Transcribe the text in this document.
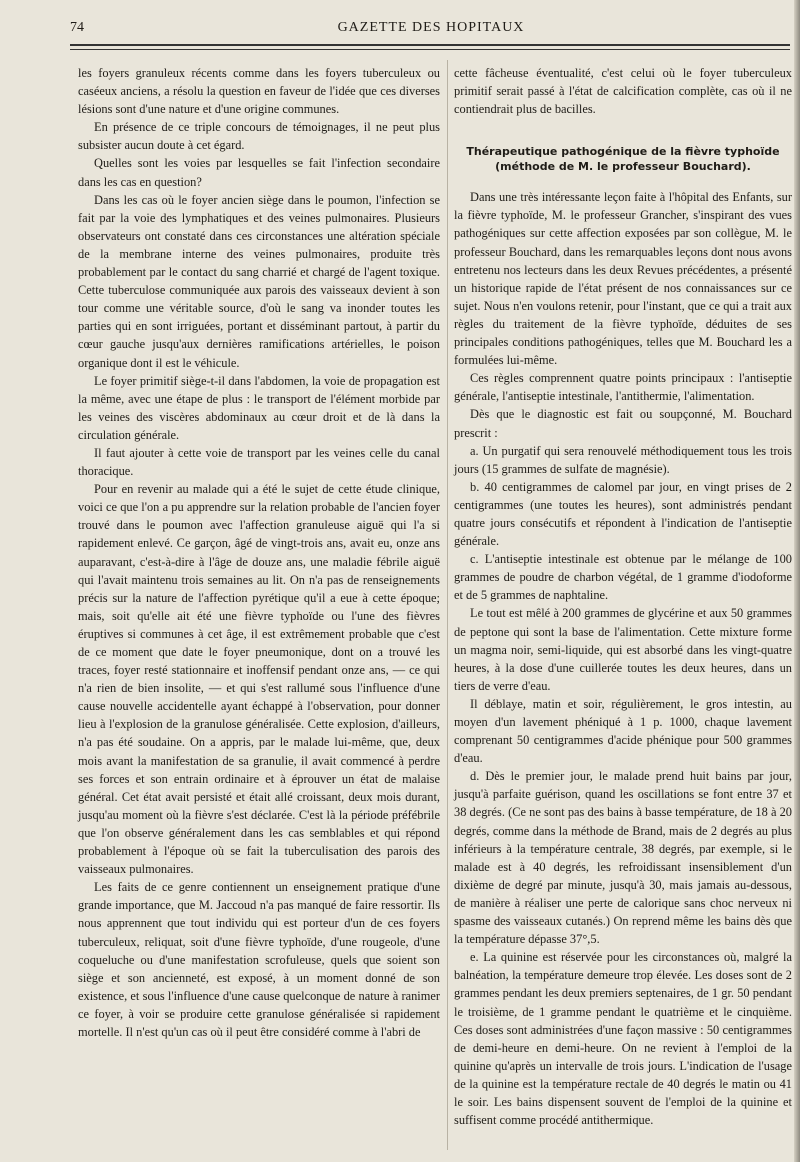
74	GAZETTE DES HOPITAUX

les foyers granuleux récents comme dans les foyers tuberculeux ou caséeux anciens, a résolu la question en faveur de l'idée que ces diverses lésions sont d'une nature et d'une origine communes.

En présence de ce triple concours de témoignages, il ne peut plus subsister aucun doute à cet égard.

Quelles sont les voies par lesquelles se fait l'infection secondaire dans les cas en question?

Dans les cas où le foyer ancien siège dans le poumon, l'infection se fait par la voie des lymphatiques et des veines pulmonaires. Plusieurs observateurs ont constaté dans ces circonstances une altération spéciale de la membrane interne des veines pulmonaires, produite très probablement par le contact du sang charrié et chargé de l'agent toxique. Cette tuberculose communiquée aux parois des vaisseaux devient à son tour comme une véritable source, d'où le sang va inonder toutes les parties qui en sont irriguées, portant et disséminant partout, à partir du cœur gauche jusqu'aux dernières ramifications artérielles, le poison organique dont il est le véhicule.

Le foyer primitif siège-t-il dans l'abdomen, la voie de propagation est la même, avec une étape de plus : le transport de l'élément morbide par les veines des viscères abdominaux au cœur droit et de là dans la circulation générale.

Il faut ajouter à cette voie de transport par les veines celle du canal thoracique.

Pour en revenir au malade qui a été le sujet de cette étude clinique, voici ce que l'on a pu apprendre sur la relation probable de l'ancien foyer trouvé dans le poumon avec l'affection granuleuse aiguë qui l'a si rapidement enlevé. Ce garçon, âgé de vingt-trois ans, avait eu, onze ans auparavant, c'est-à-dire à l'âge de douze ans, une maladie fébrile aiguë qui l'avait maintenu trois semaines au lit. On n'a pas de renseignements précis sur la nature de l'affection pyrétique qu'il a eue à cette époque; mais, soit qu'elle ait été une fièvre typhoïde ou l'une des fièvres éruptives si communes à cet âge, il est extrêmement probable que c'est de ce moment que date le foyer pneumonique, dont on a trouvé les traces, foyer resté stationnaire et inoffensif pendant onze ans, — ce qui n'a rien de bien insolite, — et qui s'est rallumé sous l'influence d'une cause nouvelle accidentelle ayant échappé à l'observation, pour donner lieu à l'explosion de la granulose généralisée. Cette explosion, d'ailleurs, n'a pas été soudaine. On a appris, par le malade lui-même, que, deux mois avant la manifestation de sa granulie, il avait commencé à perdre ses forces et son entrain ordinaire et à éprouver un état de malaise général. Cet état avait persisté et était allé croissant, deux mois durant, jusqu'au moment où la fièvre s'est déclarée. C'est là la période préfébrile que l'on observe généralement dans les cas semblables et qui répond probablement à l'époque où se fait la tuberculisation des parois des vaisseaux pulmonaires.

Les faits de ce genre contiennent un enseignement pratique d'une grande importance, que M. Jaccoud n'a pas manqué de faire ressortir. Ils nous apprennent que tout individu qui est porteur d'un de ces foyers tuberculeux, reliquat, soit d'une fièvre typhoïde, d'une rougeole, d'une coqueluche ou d'une manifestation scrofuleuse, quels que soient son siège et son ancienneté, est exposé, à un moment donné de son existence, et sous l'influence d'une cause quelconque de nature à ranimer ce foyer, à voir se produire cette granulose généralisée si rapidement mortelle. Il n'est qu'un cas où il peut être considéré comme à l'abri de

cette fâcheuse éventualité, c'est celui où le foyer tuberculeux primitif serait passé à l'état de calcification complète, cas où il ne contiendrait plus de bacilles.

Thérapeutique pathogénique de la fièvre typhoïde
(méthode de M. le professeur Bouchard).

Dans une très intéressante leçon faite à l'hôpital des Enfants, sur la fièvre typhoïde, M. le professeur Grancher, s'inspirant des vues pathogéniques sur cette affection exposées par son collègue, M. le professeur Bouchard, dans les remarquables leçons dont nous avons entretenu nos lecteurs dans les deux Revues précédentes, a présenté un historique rapide de l'état présent de nos connaissances sur ce sujet. Nous n'en voulons retenir, pour l'instant, que ce qui a trait aux règles du traitement de la fièvre typhoïde, déduites de ses principales conditions pathogéniques, telles que M. Bouchard les a formulées lui-même.

Ces règles comprennent quatre points principaux : l'antiseptie générale, l'antiseptie intestinale, l'antithermie, l'alimentation.

Dès que le diagnostic est fait ou soupçonné, M. Bouchard prescrit :

a. Un purgatif qui sera renouvelé méthodiquement tous les trois jours (15 grammes de sulfate de magnésie).

b. 40 centigrammes de calomel par jour, en vingt prises de 2 centigrammes (une toutes les heures), sont administrés pendant quatre jours consécutifs et répondent à l'indication de l'antiseptie générale.

c. L'antiseptie intestinale est obtenue par le mélange de 100 grammes de poudre de charbon végétal, de 1 gramme d'iodoforme et de 5 grammes de naphtaline.

Le tout est mêlé à 200 grammes de glycérine et aux 50 grammes de peptone qui sont la base de l'alimentation. Cette mixture forme un magma noir, semi-liquide, qui est absorbé dans les vingt-quatre heures, à la dose d'une cuillerée toutes les deux heures, dans un tiers de verre d'eau.

Il déblaye, matin et soir, régulièrement, le gros intestin, au moyen d'un lavement phéniqué à 1 p. 1000, chaque lavement comprenant 50 centigrammes d'acide phénique pour 500 grammes d'eau.

d. Dès le premier jour, le malade prend huit bains par jour, jusqu'à parfaite guérison, quand les oscillations se font entre 37 et 38 degrés. (Ce ne sont pas des bains à basse température, de 18 à 20 degrés, comme dans la méthode de Brand, mais de 2 degrés au plus inférieurs à la température centrale, 38 degrés, par exemple, si le malade est à 40 degrés, les refroidissant insensiblement d'un dixième de degré par minute, jusqu'à 30, mais jamais au-dessous, de manière à réaliser une perte de calorique sans choc nerveux ni spasme des vaisseaux cutanés.) On reprend même les bains dès que la température dépasse 37°,5.

e. La quinine est réservée pour les circonstances où, malgré la balnéation, la température demeure trop élevée. Les doses sont de 2 grammes pendant les deux premiers septenaires, de 1 gr. 50 pendant le troisième, de 1 gramme pendant le quatrième et le cinquième. Ces doses sont administrées d'une façon massive : 50 centigrammes de demi-heure en demi-heure. On ne revient à l'emploi de la quinine qu'après un intervalle de trois jours. L'indication de l'usage de la quinine est la température rectale de 40 degrés le matin ou 41 le soir. Les bains dispensent souvent de l'emploi de la quinine et suffisent comme procédé antithermique.
